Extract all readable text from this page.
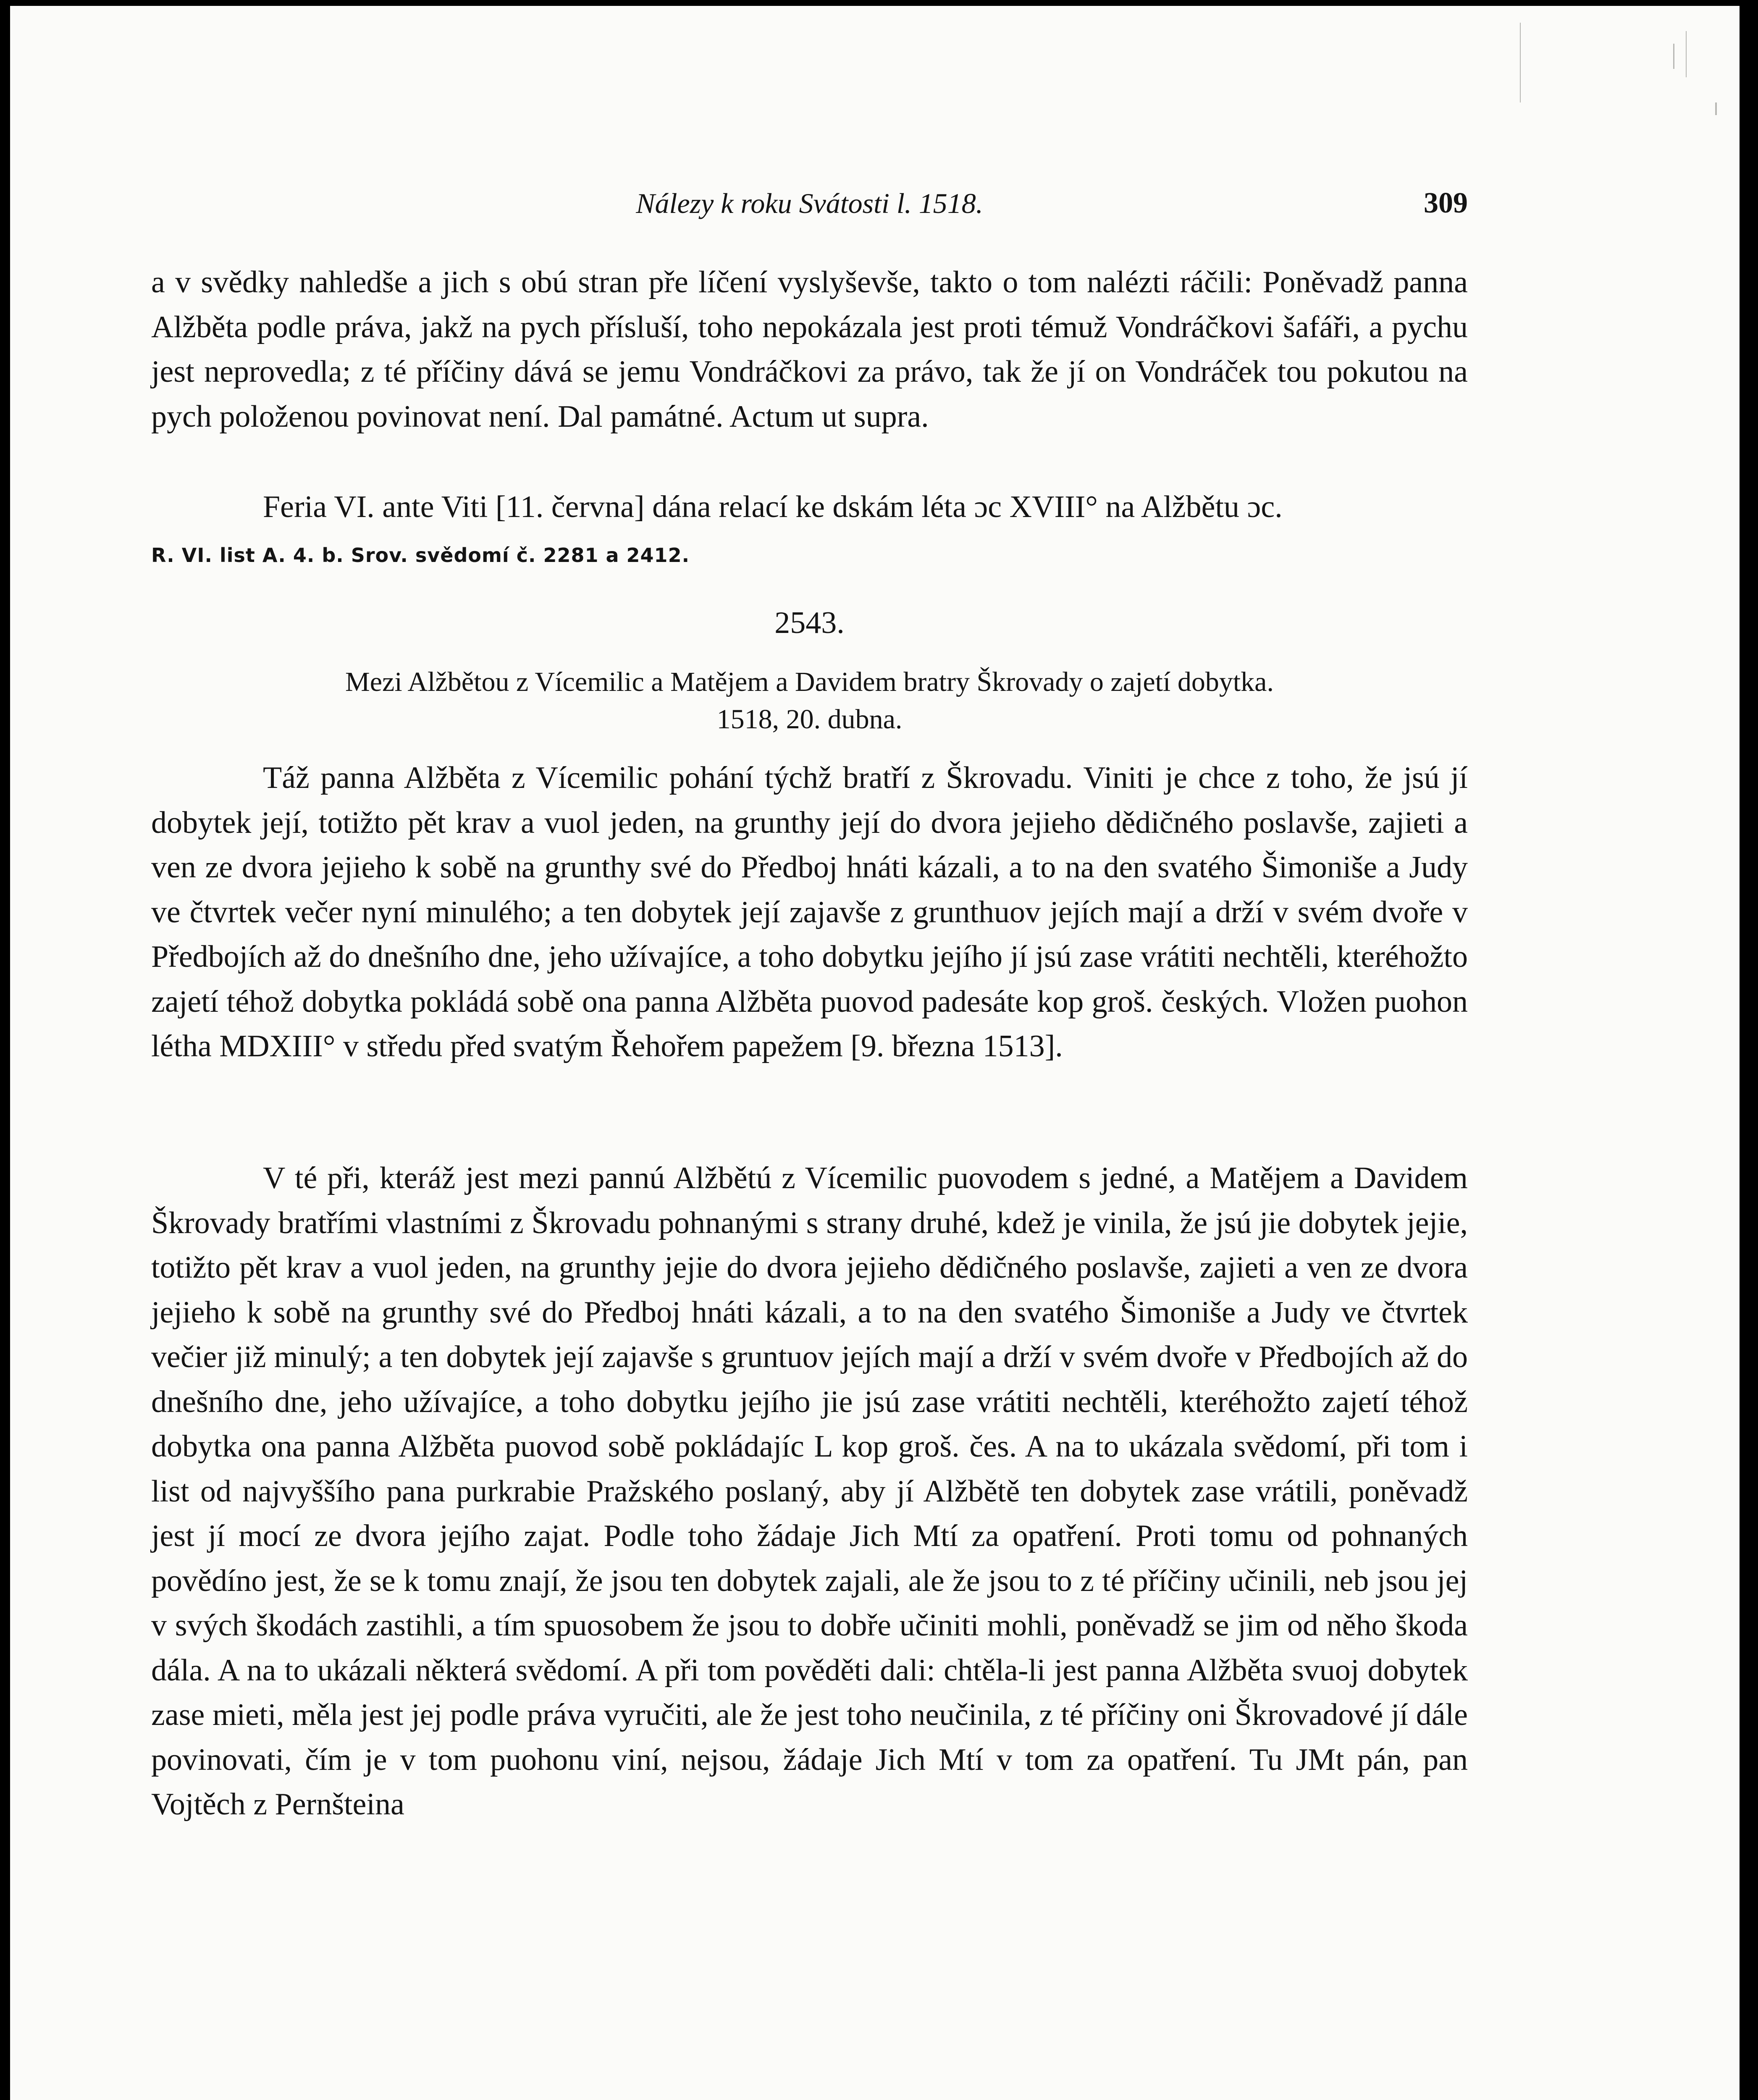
Nálezy k roku Svátosti l. 1518.	309

a v svědky nahledše a jich s obú stran pře líčení vyslyševše, takto o tom nalézti ráčili: Poněvadž panna Alžběta podle práva, jakž na pych přísluší, toho nepokázala jest proti témuž Vondráčkovi šafáři, a pychu jest neprovedla; z té příčiny dává se jemu Vondráčkovi za právo, tak že jí on Vondráček tou pokutou na pych položenou povinovat není. Dal památné. Actum ut supra.

Feria VI. ante Viti [11. června] dána relací ke dskám léta ɔc XVIII° na Alžbětu ɔc.

R. VI. list A. 4. b. Srov. svědomí č. 2281 a 2412.

2543.

Mezi Alžbětou z Vícemilic a Matějem a Davidem bratry Škrovady o zajetí dobytka.

1518, 20. dubna.

Táž panna Alžběta z Vícemilic pohání týchž bratří z Škrovadu. Viniti je chce z toho, že jsú jí dobytek její, totižto pět krav a vuol jeden, na grunthy její do dvora jejieho dědičného poslavše, zajieti a ven ze dvora jejieho k sobě na grunthy své do Předboj hnáti kázali, a to na den svatého Šimoniše a Judy ve čtvrtek večer nyní minulého; a ten dobytek její zajavše z grunthuov jejích mají a drží v svém dvoře v Předbojích až do dnešního dne, jeho užívajíce, a toho dobytku jejího jí jsú zase vrátiti nechtěli, kteréhožto zajetí téhož dobytka pokládá sobě ona panna Alžběta puovod padesáte kop groš. českých. Vložen puohon létha MDXIII° v středu před svatým Řehořem papežem [9. března 1513].

V té při, kteráž jest mezi pannú Alžbětú z Vícemilic puovodem s jedné, a Matějem a Davidem Škrovady bratřími vlastními z Škrovadu pohnanými s strany druhé, kdež je vinila, že jsú jie dobytek jejie, totižto pět krav a vuol jeden, na grunthy jejie do dvora jejieho dědičného poslavše, zajieti a ven ze dvora jejieho k sobě na grunthy své do Předboj hnáti kázali, a to na den svatého Šimoniše a Judy ve čtvrtek večier již minulý; a ten dobytek její zajavše s gruntuov jejích mají a drží v svém dvoře v Předbojích až do dnešního dne, jeho užívajíce, a toho dobytku jejího jie jsú zase vrátiti nechtěli, kteréhožto zajetí téhož dobytka ona panna Alžběta puovod sobě pokládajíc L kop groš. čes. A na to ukázala svědomí, při tom i list od najvyššího pana purkrabie Pražského poslaný, aby jí Alžbětě ten dobytek zase vrátili, poněvadž jest jí mocí ze dvora jejího zajat. Podle toho žádaje Jich Mtí za opatření. Proti tomu od pohnaných povědíno jest, že se k tomu znají, že jsou ten dobytek zajali, ale že jsou to z té příčiny učinili, neb jsou jej v svých škodách zastihli, a tím spuosobem že jsou to dobře učiniti mohli, poněvadž se jim od něho škoda dála. A na to ukázali některá svědomí. A při tom pověděti dali: chtěla-li jest panna Alžběta svuoj dobytek zase mieti, měla jest jej podle práva vyručiti, ale že jest toho neučinila, z té příčiny oni Škrovadové jí dále povinovati, čím je v tom puohonu viní, nejsou, žádaje Jich Mtí v tom za opatření. Tu JMt pán, pan Vojtěch z Pernšteina
